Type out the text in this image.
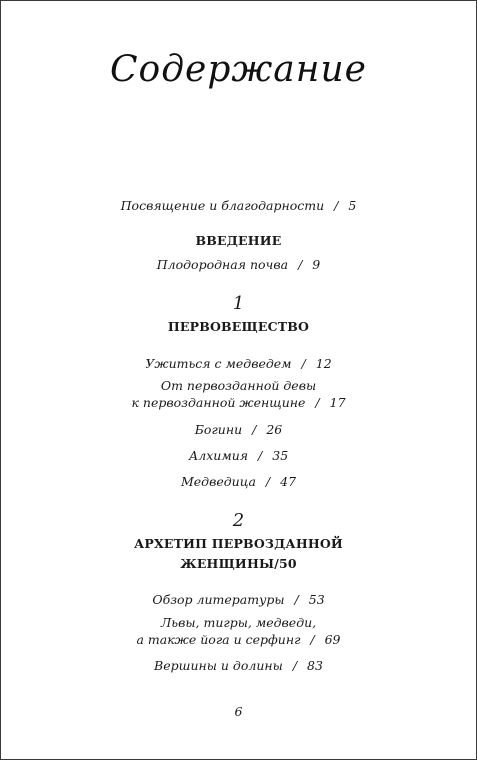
Содержание

Посвящение и благодарности / 5

ВВЕДЕНИЕ

Плодородная почва / 9

1

ПЕРВОВЕЩЕСТВО

Ужиться с медведем / 12

От первозданной девы

к первозданной женщине / 17

Богини / 26

Алхимия / 35

Медведица / 47

2

АРХЕТИП ПЕРВОЗДАННОЙ

ЖЕНЩИНЫ/50

Обзор литературы / 53

Львы, тигры, медведи,

а также йога и серфинг / 69

Вершины и долины / 83

6
